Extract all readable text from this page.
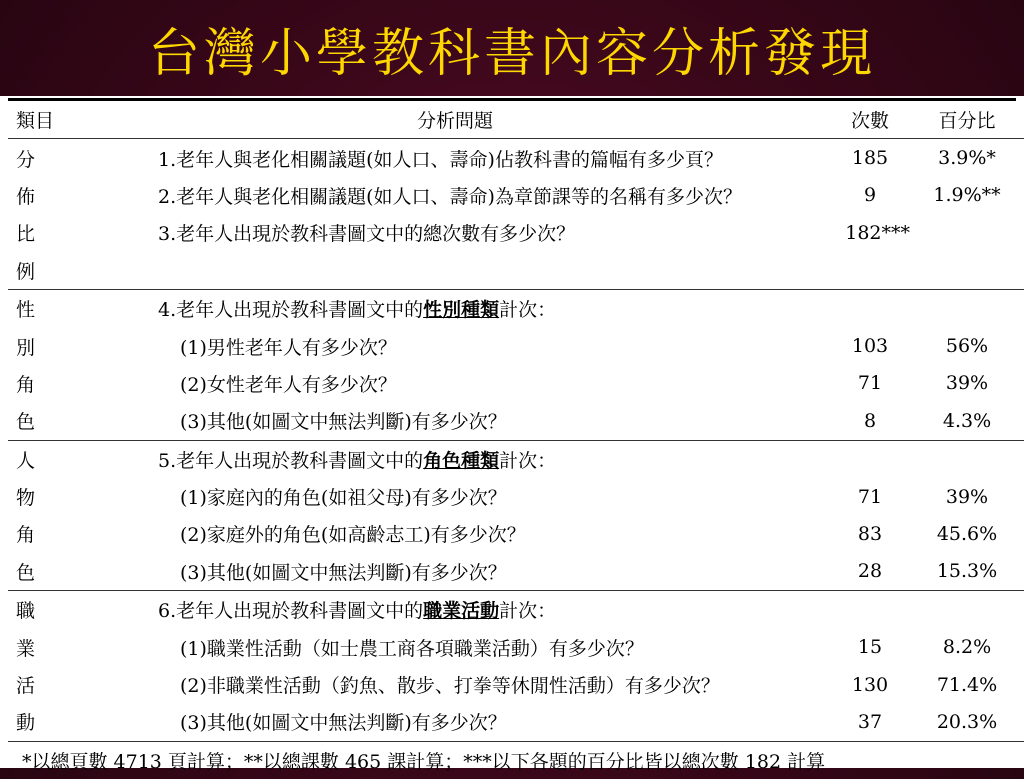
台灣小學教科書內容分析發現
類目	分析問題	次數	百分比
分	1.老年人與老化相關議題(如人口、壽命)佔教科書的篇幅有多少頁？	185	3.9%*
佈	2.老年人與老化相關議題(如人口、壽命)為章節課等的名稱有多少次？	9	1.9%**
比	3.老年人出現於教科書圖文中的總次數有多少次？	182***	
例			
性	4.老年人出現於教科書圖文中的性別種類計次：		
別	(1)男性老年人有多少次？	103	56%
角	(2)女性老年人有多少次？	71	39%
色	(3)其他(如圖文中無法判斷)有多少次？	8	4.3%
人	5.老年人出現於教科書圖文中的角色種類計次：		
物	(1)家庭內的角色(如祖父母)有多少次？	71	39%
角	(2)家庭外的角色(如高齡志工)有多少次？	83	45.6%
色	(3)其他(如圖文中無法判斷)有多少次？	28	15.3%
職	6.老年人出現於教科書圖文中的職業活動計次：		
業	(1)職業性活動（如士農工商各項職業活動）有多少次？	15	8.2%
活	(2)非職業性活動（釣魚、散步、打拳等休閒性活動）有多少次？	130	71.4%
動	(3)其他(如圖文中無法判斷)有多少次？	37	20.3%
*以總頁數 4713 頁計算；**以總課數 465 課計算；***以下各題的百分比皆以總次數 182 計算			
